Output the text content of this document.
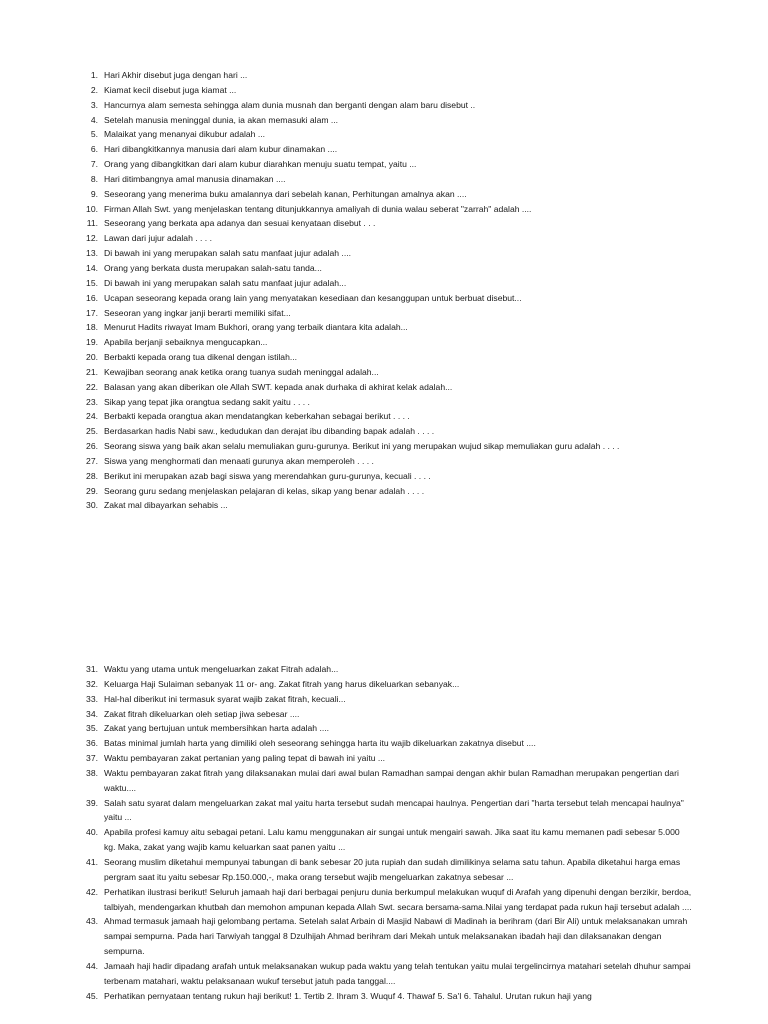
1. Hari Akhir disebut juga dengan hari ...
2. Kiamat kecil disebut juga kiamat ...
3. Hancurnya alam semesta sehingga alam dunia musnah dan berganti dengan alam baru disebut ..
4. Setelah manusia meninggal dunia, ia akan memasuki alam ...
5. Malaikat yang menanyai dikubur adalah ...
6. Hari dibangkitkannya manusia dari alam kubur dinamakan ....
7. Orang yang dibangkitkan dari alam kubur diarahkan menuju suatu tempat, yaitu ...
8. Hari ditimbangnya amal manusia dinamakan ....
9. Seseorang yang menerima buku amalannya dari sebelah kanan, Perhitungan amalnya akan ....
10. Firman Allah Swt. yang menjelaskan tentang ditunjukkannya amaliyah di dunia walau seberat "zarrah" adalah ....
11. Seseorang yang berkata apa adanya dan sesuai kenyataan disebut . . .
12. Lawan dari jujur adalah . . . .
13. Di bawah ini yang merupakan salah satu manfaat jujur adalah ....
14. Orang yang berkata dusta merupakan salah-satu tanda...
15. Di bawah ini yang merupakan salah satu manfaat jujur adalah...
16. Ucapan seseorang kepada orang lain yang menyatakan kesediaan dan kesanggupan untuk berbuat disebut...
17. Seseoran yang ingkar janji berarti memiliki sifat...
18. Menurut Hadits riwayat Imam Bukhori, orang yang terbaik diantara kita adalah...
19. Apabila berjanji sebaiknya mengucapkan...
20. Berbakti kepada orang tua dikenal dengan istilah...
21. Kewajiban seorang anak ketika orang tuanya sudah meninggal adalah...
22. Balasan yang akan diberikan ole Allah SWT. kepada anak durhaka di akhirat kelak adalah...
23. Sikap yang tepat jika orangtua sedang sakit yaitu . . . .
24. Berbakti kepada orangtua akan mendatangkan keberkahan sebagai berikut . . . .
25. Berdasarkan hadis Nabi saw., kedudukan dan derajat ibu dibanding bapak adalah . . . .
26. Seorang siswa yang baik akan selalu memuliakan guru-gurunya. Berikut ini yang merupakan wujud sikap memuliakan guru adalah . . . .
27. Siswa yang menghormati dan menaati gurunya akan memperoleh . . . .
28. Berikut ini merupakan azab bagi siswa yang merendahkan guru-gurunya, kecuali . . . .
29. Seorang guru sedang menjelaskan pelajaran di kelas, sikap yang benar adalah . . . .
30. Zakat mal dibayarkan sehabis ...
31. Waktu yang utama untuk mengeluarkan zakat Fitrah adalah...
32. Keluarga Haji Sulaiman sebanyak 11 or- ang. Zakat fitrah yang harus dikeluarkan sebanyak...
33. Hal-hal diberikut ini termasuk syarat wajib zakat fitrah, kecuali...
34. Zakat fitrah dikeluarkan oleh setiap jiwa sebesar ....
35. Zakat yang bertujuan untuk membersihkan harta adalah ....
36. Batas minimal jumlah harta yang dimiliki oleh seseorang sehingga harta itu wajib dikeluarkan zakatnya disebut ....
37. Waktu pembayaran zakat pertanian yang paling tepat di bawah ini yaitu ...
38. Waktu pembayaran zakat fitrah yang dilaksanakan mulai dari awal bulan Ramadhan sampai dengan akhir bulan Ramadhan merupakan pengertian dari waktu....
39. Salah satu syarat dalam mengeluarkan zakat mal yaitu harta tersebut sudah mencapai haulnya. Pengertian dari "harta tersebut telah mencapai haulnya" yaitu ...
40. Apabila profesi kamuy aitu sebagai petani. Lalu kamu menggunakan air sungai untuk mengairi sawah. Jika saat itu kamu memanen padi sebesar 5.000 kg. Maka, zakat yang wajib kamu keluarkan saat panen yaitu ...
41. Seorang muslim diketahui mempunyai tabungan di bank sebesar 20 juta rupiah dan sudah dimilikinya selama satu tahun. Apabila diketahui harga emas pergram saat itu yaitu sebesar Rp.150.000,-, maka orang tersebut wajib mengeluarkan zakatnya sebesar ...
42. Perhatikan ilustrasi berikut! Seluruh jamaah haji dari berbagai penjuru dunia berkumpul melakukan wuquf di Arafah yang dipenuhi dengan berzikir, berdoa, talbiyah, mendengarkan khutbah dan memohon ampunan kepada Allah Swt. secara bersama-sama.Nilai yang terdapat pada rukun haji tersebut adalah ....
43. Ahmad termasuk jamaah haji gelombang pertama. Setelah salat Arbain di Masjid Nabawi di Madinah ia berihram (dari Bir Ali) untuk melaksanakan umrah sampai sempurna. Pada hari Tarwiyah tanggal 8 Dzulhijah Ahmad berihram dari Mekah untuk melaksanakan ibadah haji dan dilaksanakan dengan sempurna.
44. Jamaah haji hadir dipadang arafah untuk melaksanakan wukup pada waktu yang telah tentukan yaitu mulai tergelincirnya matahari setelah dhuhur sampai terbenam matahari, waktu pelaksanaan wukuf tersebut jatuh pada tanggal....
45. Perhatikan pernyataan tentang rukun haji berikut! 1. Tertib 2. Ihram 3. Wuquf 4. Thawaf 5. Sa'I 6. Tahalul. Urutan rukun haji yang
